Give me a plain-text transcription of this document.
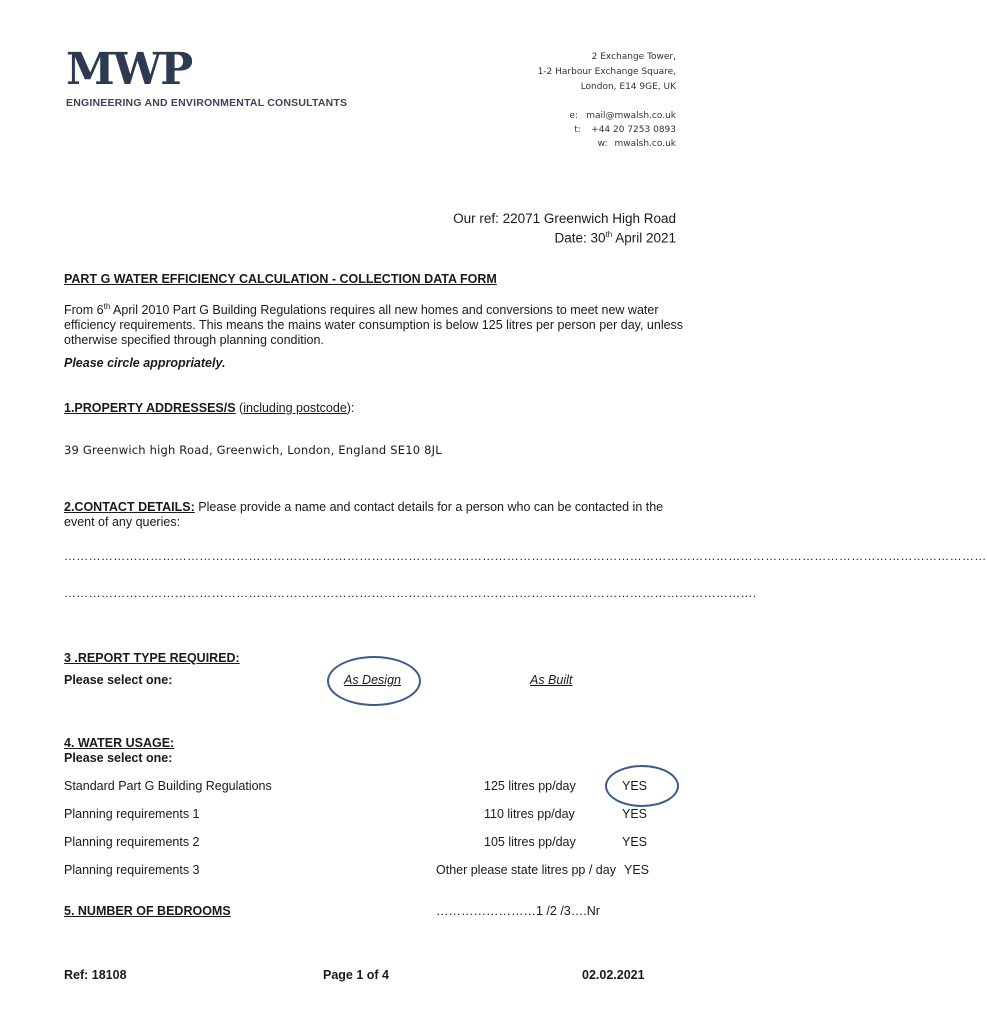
MWP
ENGINEERING AND ENVIRONMENTAL CONSULTANTS
2 Exchange Tower,
1-2 Harbour Exchange Square,
London, E14 9GE, UK
e: mail@mwalsh.co.uk
t: +44 20 7253 0893
w: mwalsh.co.uk
Our ref: 22071 Greenwich High Road
Date: 30th April 2021
PART G WATER EFFICIENCY CALCULATION - COLLECTION DATA FORM
From 6th April 2010 Part G Building Regulations requires all new homes and conversions to meet new water efficiency requirements. This means the mains water consumption is below 125 litres per person per day, unless otherwise specified through planning condition.
Please circle appropriately.
1.PROPERTY ADDRESSES/S (including postcode):
39 Greenwich high Road, Greenwich, London, England SE10 8JL
2.CONTACT DETAILS: Please provide a name and contact details for a person who can be contacted in the event of any queries:
………………………………………………………………………………………………………………………………………………………………………………………………………
…………………………………………………………………………………………………………………………………………………….
3 .REPORT TYPE REQUIRED:
Please select one:	As Design	As Built
4. WATER USAGE:
Please select one:
Standard Part G Building Regulations	125 litres pp/day	YES
Planning requirements 1	110 litres pp/day	YES
Planning requirements 2	105 litres pp/day	YES
Planning requirements 3	Other please state litres pp / day YES
5. NUMBER OF BEDROOMS	……………………1 /2 /3….Nr
Ref: 18108	Page 1 of 4	02.02.2021
